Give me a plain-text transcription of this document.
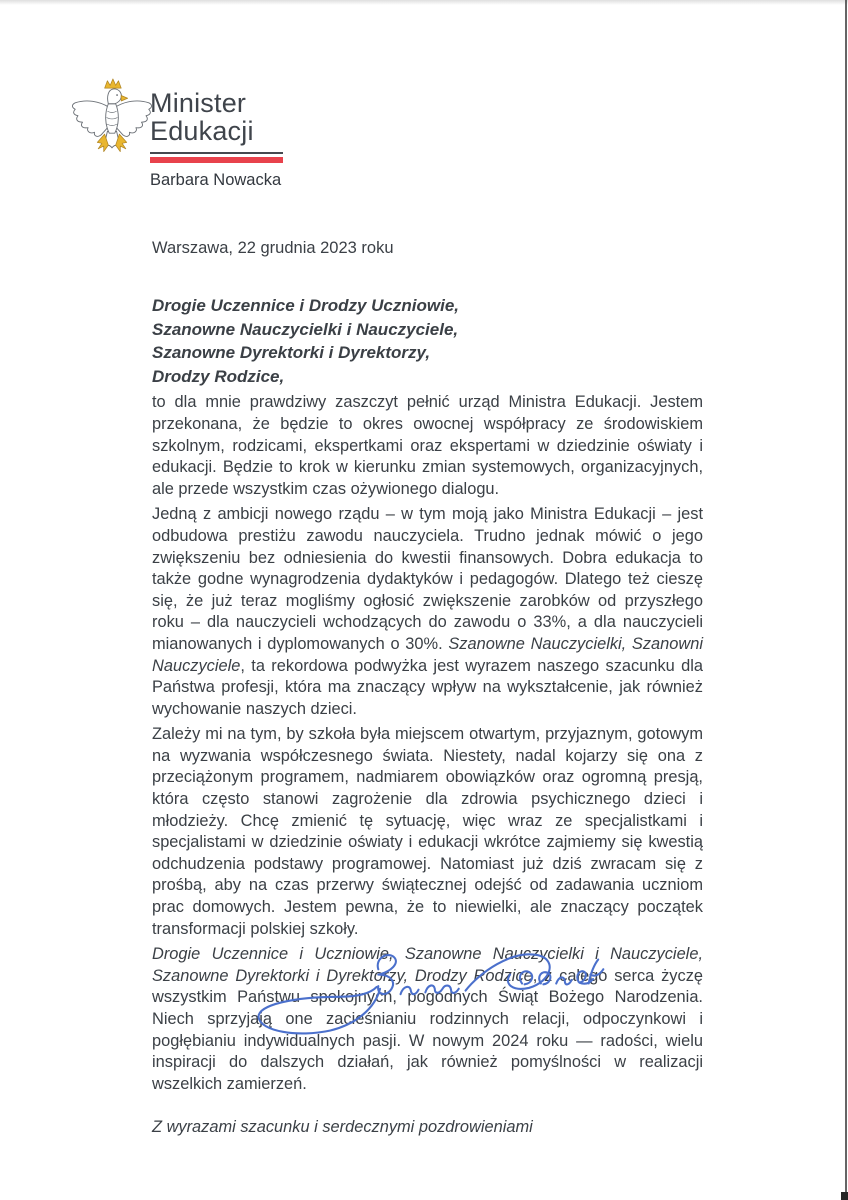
Minister
Edukacji
Barbara Nowacka
Warszawa, 22 grudnia 2023 roku
Drogie Uczennice i Drodzy Uczniowie,
Szanowne Nauczycielki i Nauczyciele,
Szanowne Dyrektorki i Dyrektorzy,
Drodzy Rodzice,

to dla mnie prawdziwy zaszczyt pełnić urząd Ministra Edukacji. Jestem przekonana, że będzie to okres owocnej współpracy ze środowiskiem szkolnym, rodzicami, ekspertkami oraz ekspertami w dziedzinie oświaty i edukacji. Będzie to krok w kierunku zmian systemowych, organizacyjnych, ale przede wszystkim czas ożywionego dialogu.

Jedną z ambicji nowego rządu – w tym moją jako Ministra Edukacji – jest odbudowa prestiżu zawodu nauczyciela. Trudno jednak mówić o jego zwiększeniu bez odniesienia do kwestii finansowych. Dobra edukacja to także godne wynagrodzenia dydaktyków i pedagogów. Dlatego też cieszę się, że już teraz mogliśmy ogłosić zwiększenie zarobków od przyszłego roku – dla nauczycieli wchodzących do zawodu o 33%, a dla nauczycieli mianowanych i dyplomowanych o 30%. Szanowne Nauczycielki, Szanowni Nauczyciele, ta rekordowa podwyżka jest wyrazem naszego szacunku dla Państwa profesji, która ma znaczący wpływ na wykształcenie, jak również wychowanie naszych dzieci.

Zależy mi na tym, by szkoła była miejscem otwartym, przyjaznym, gotowym na wyzwania współczesnego świata. Niestety, nadal kojarzy się ona z przeciążonym programem, nadmiarem obowiązków oraz ogromną presją, która często stanowi zagrożenie dla zdrowia psychicznego dzieci i młodzieży. Chcę zmienić tę sytuację, więc wraz ze specjalistkami i specjalistami w dziedzinie oświaty i edukacji wkrótce zajmiemy się kwestią odchudzenia podstawy programowej. Natomiast już dziś zwracam się z prośbą, aby na czas przerwy świątecznej odejść od zadawania uczniom prac domowych. Jestem pewna, że to niewielki, ale znaczący początek transformacji polskiej szkoły.

Drogie Uczennice i Uczniowie, Szanowne Nauczycielki i Nauczyciele, Szanowne Dyrektorki i Dyrektorzy, Drodzy Rodzice, z całego serca życzę wszystkim Państwu spokojnych, pogodnych Świąt Bożego Narodzenia. Niech sprzyjają one zacieśnianiu rodzinnych relacji, odpoczynkowi i pogłębianiu indywidualnych pasji. W nowym 2024 roku — radości, wielu inspiracji do dalszych działań, jak również pomyślności w realizacji wszelkich zamierzeń.

Z wyrazami szacunku i serdecznymi pozdrowieniami
